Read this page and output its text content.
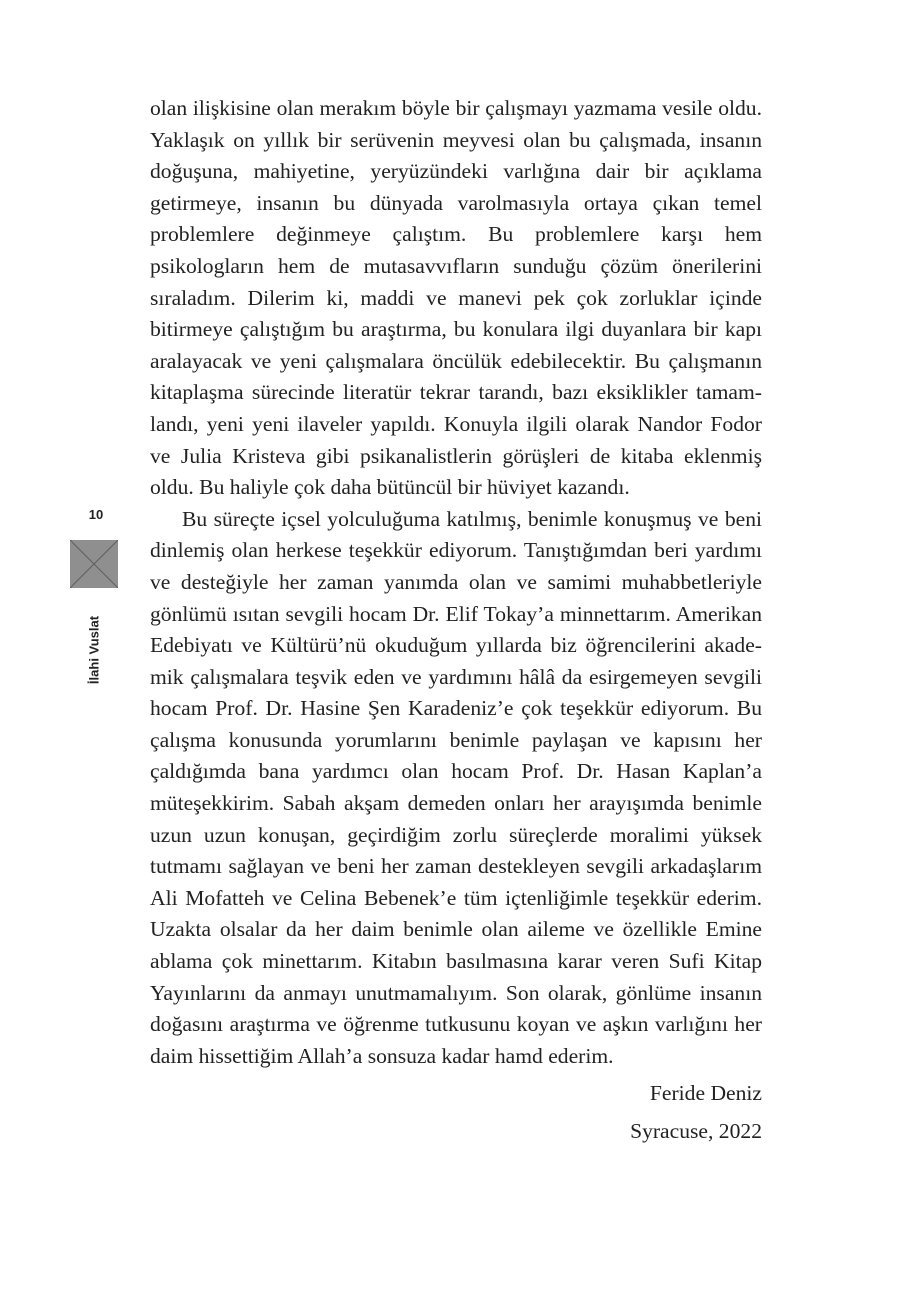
10
İlahi Vuslat

olan ilişkisine olan merakım böyle bir çalışmayı yazmama vesile oldu. Yaklaşık on yıllık bir serüvenin meyvesi olan bu çalışmada, insanın doğuşuna, mahiyetine, yeryüzündeki varlığına dair bir açıklama getirmeye, insanın bu dünyada varolmasıyla ortaya çıkan temel problemlere değinmeye çalıştım. Bu problemlere karşı hem psikologların hem de mutasavvıfların sunduğu çözüm önerilerini sıraladım. Dilerim ki, maddi ve manevi pek çok zorluklar içinde bitirmeye çalıştığım bu araştırma, bu konulara ilgi duyanlara bir kapı aralayacak ve yeni çalışmalara öncülük edebilecektir. Bu çalışmanın kitaplaşma sürecinde literatür tekrar tarandı, bazı eksiklikler tamamlandı, yeni yeni ilaveler yapıldı. Konuyla ilgili olarak Nandor Fodor ve Julia Kristeva gibi psikanalistlerin görüşleri de kitaba eklenmiş oldu. Bu haliyle çok daha bütüncül bir hüviyet kazandı.

Bu süreçte içsel yolculuğuma katılmış, benimle konuşmuş ve beni dinlemiş olan herkese teşekkür ediyorum. Tanıştığımdan beri yardımı ve desteğiyle her zaman yanımda olan ve samimi muhabbetleriyle gönlümü ısıtan sevgili hocam Dr. Elif Tokay’a minnettarım. Amerikan Edebiyatı ve Kültürü’nü okuduğum yıllarda biz öğrencilerini akademik çalışmalara teşvik eden ve yardımını hâlâ da esirgemeyen sevgili hocam Prof. Dr. Hasine Şen Karadeniz’e çok teşekkür ediyorum. Bu çalışma konusunda yorumlarını benimle paylaşan ve kapısını her çaldığımda bana yardımcı olan hocam Prof. Dr. Hasan Kaplan’a müteşekkirim. Sabah akşam demeden onları her arayışımda benimle uzun uzun konuşan, geçirdiğim zorlu süreçlerde moralimi yüksek tutmamı sağlayan ve beni her zaman destekleyen sevgili arkadaşlarım Ali Mofatteh ve Celina Bebenek’e tüm içtenliğimle teşekkür ederim. Uzakta olsalar da her daim benimle olan aileme ve özellikle Emine ablama çok minettarım. Kitabın basılmasına karar veren Sufi Kitap Yayınlarını da anmayı unutmamalıyım. Son olarak, gönlüme insanın doğasını araştırma ve öğrenme tutkusunu koyan ve aşkın varlığını her daim hissettiğim Allah’a sonsuza kadar hamd ederim.

Feride Deniz

Syracuse, 2022
